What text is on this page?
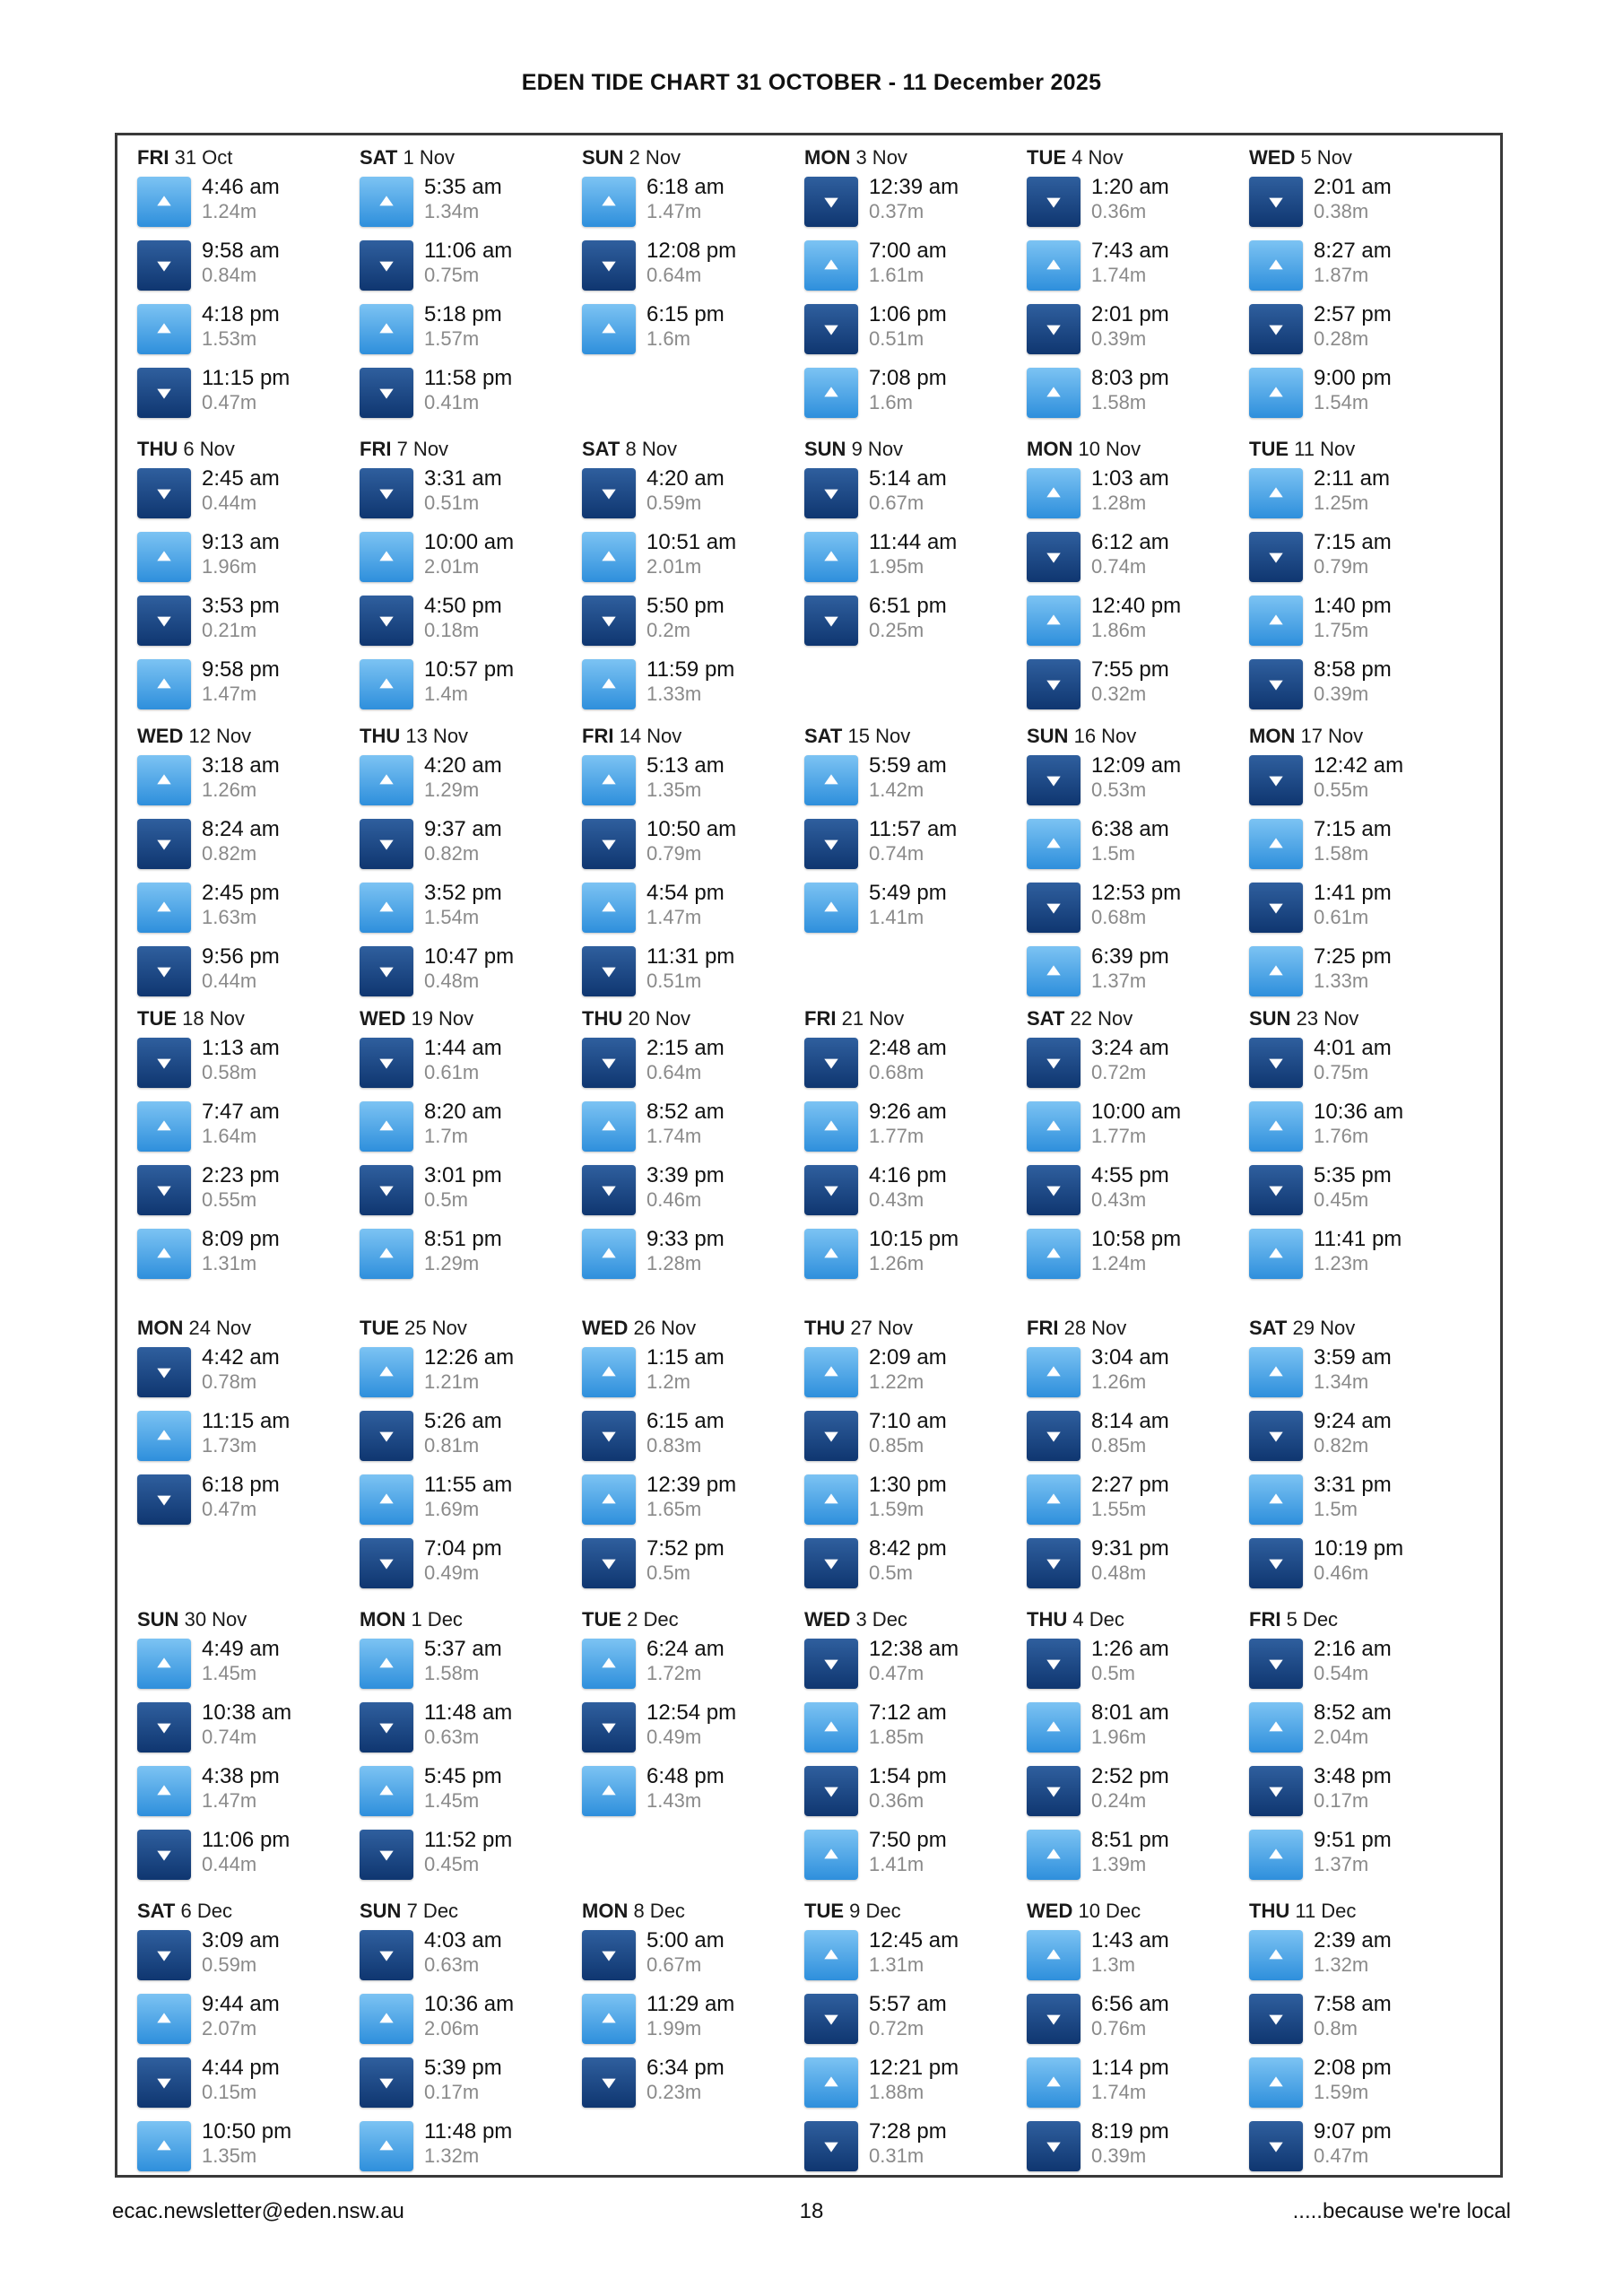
EDEN TIDE CHART 31 OCTOBER - 11 December 2025
FRI 31 Oct
4:46 am
1.24m
9:58 am
0.84m
4:18 pm
1.53m
11:15 pm
0.47m
SAT 1 Nov
5:35 am
1.34m
11:06 am
0.75m
5:18 pm
1.57m
11:58 pm
0.41m
SUN 2 Nov
6:18 am
1.47m
12:08 pm
0.64m
6:15 pm
1.6m
MON 3 Nov
12:39 am
0.37m
7:00 am
1.61m
1:06 pm
0.51m
7:08 pm
1.6m
TUE 4 Nov
1:20 am
0.36m
7:43 am
1.74m
2:01 pm
0.39m
8:03 pm
1.58m
WED 5 Nov
2:01 am
0.38m
8:27 am
1.87m
2:57 pm
0.28m
9:00 pm
1.54m
THU 6 Nov
2:45 am
0.44m
9:13 am
1.96m
3:53 pm
0.21m
9:58 pm
1.47m
FRI 7 Nov
3:31 am
0.51m
10:00 am
2.01m
4:50 pm
0.18m
10:57 pm
1.4m
SAT 8 Nov
4:20 am
0.59m
10:51 am
2.01m
5:50 pm
0.2m
11:59 pm
1.33m
SUN 9 Nov
5:14 am
0.67m
11:44 am
1.95m
6:51 pm
0.25m
MON 10 Nov
1:03 am
1.28m
6:12 am
0.74m
12:40 pm
1.86m
7:55 pm
0.32m
TUE 11 Nov
2:11 am
1.25m
7:15 am
0.79m
1:40 pm
1.75m
8:58 pm
0.39m
WED 12 Nov
3:18 am
1.26m
8:24 am
0.82m
2:45 pm
1.63m
9:56 pm
0.44m
THU 13 Nov
4:20 am
1.29m
9:37 am
0.82m
3:52 pm
1.54m
10:47 pm
0.48m
FRI 14 Nov
5:13 am
1.35m
10:50 am
0.79m
4:54 pm
1.47m
11:31 pm
0.51m
SAT 15 Nov
5:59 am
1.42m
11:57 am
0.74m
5:49 pm
1.41m
SUN 16 Nov
12:09 am
0.53m
6:38 am
1.5m
12:53 pm
0.68m
6:39 pm
1.37m
MON 17 Nov
12:42 am
0.55m
7:15 am
1.58m
1:41 pm
0.61m
7:25 pm
1.33m
TUE 18 Nov
1:13 am
0.58m
7:47 am
1.64m
2:23 pm
0.55m
8:09 pm
1.31m
WED 19 Nov
1:44 am
0.61m
8:20 am
1.7m
3:01 pm
0.5m
8:51 pm
1.29m
THU 20 Nov
2:15 am
0.64m
8:52 am
1.74m
3:39 pm
0.46m
9:33 pm
1.28m
FRI 21 Nov
2:48 am
0.68m
9:26 am
1.77m
4:16 pm
0.43m
10:15 pm
1.26m
SAT 22 Nov
3:24 am
0.72m
10:00 am
1.77m
4:55 pm
0.43m
10:58 pm
1.24m
SUN 23 Nov
4:01 am
0.75m
10:36 am
1.76m
5:35 pm
0.45m
11:41 pm
1.23m
MON 24 Nov
4:42 am
0.78m
11:15 am
1.73m
6:18 pm
0.47m
TUE 25 Nov
12:26 am
1.21m
5:26 am
0.81m
11:55 am
1.69m
7:04 pm
0.49m
WED 26 Nov
1:15 am
1.2m
6:15 am
0.83m
12:39 pm
1.65m
7:52 pm
0.5m
THU 27 Nov
2:09 am
1.22m
7:10 am
0.85m
1:30 pm
1.59m
8:42 pm
0.5m
FRI 28 Nov
3:04 am
1.26m
8:14 am
0.85m
2:27 pm
1.55m
9:31 pm
0.48m
SAT 29 Nov
3:59 am
1.34m
9:24 am
0.82m
3:31 pm
1.5m
10:19 pm
0.46m
SUN 30 Nov
4:49 am
1.45m
10:38 am
0.74m
4:38 pm
1.47m
11:06 pm
0.44m
MON 1 Dec
5:37 am
1.58m
11:48 am
0.63m
5:45 pm
1.45m
11:52 pm
0.45m
TUE 2 Dec
6:24 am
1.72m
12:54 pm
0.49m
6:48 pm
1.43m
WED 3 Dec
12:38 am
0.47m
7:12 am
1.85m
1:54 pm
0.36m
7:50 pm
1.41m
THU 4 Dec
1:26 am
0.5m
8:01 am
1.96m
2:52 pm
0.24m
8:51 pm
1.39m
FRI 5 Dec
2:16 am
0.54m
8:52 am
2.04m
3:48 pm
0.17m
9:51 pm
1.37m
SAT 6 Dec
3:09 am
0.59m
9:44 am
2.07m
4:44 pm
0.15m
10:50 pm
1.35m
SUN 7 Dec
4:03 am
0.63m
10:36 am
2.06m
5:39 pm
0.17m
11:48 pm
1.32m
MON 8 Dec
5:00 am
0.67m
11:29 am
1.99m
6:34 pm
0.23m
TUE 9 Dec
12:45 am
1.31m
5:57 am
0.72m
12:21 pm
1.88m
7:28 pm
0.31m
WED 10 Dec
1:43 am
1.3m
6:56 am
0.76m
1:14 pm
1.74m
8:19 pm
0.39m
THU 11 Dec
2:39 am
1.32m
7:58 am
0.8m
2:08 pm
1.59m
9:07 pm
0.47m
ecac.newsletter@eden.nsw.au	18	.....because we're local
